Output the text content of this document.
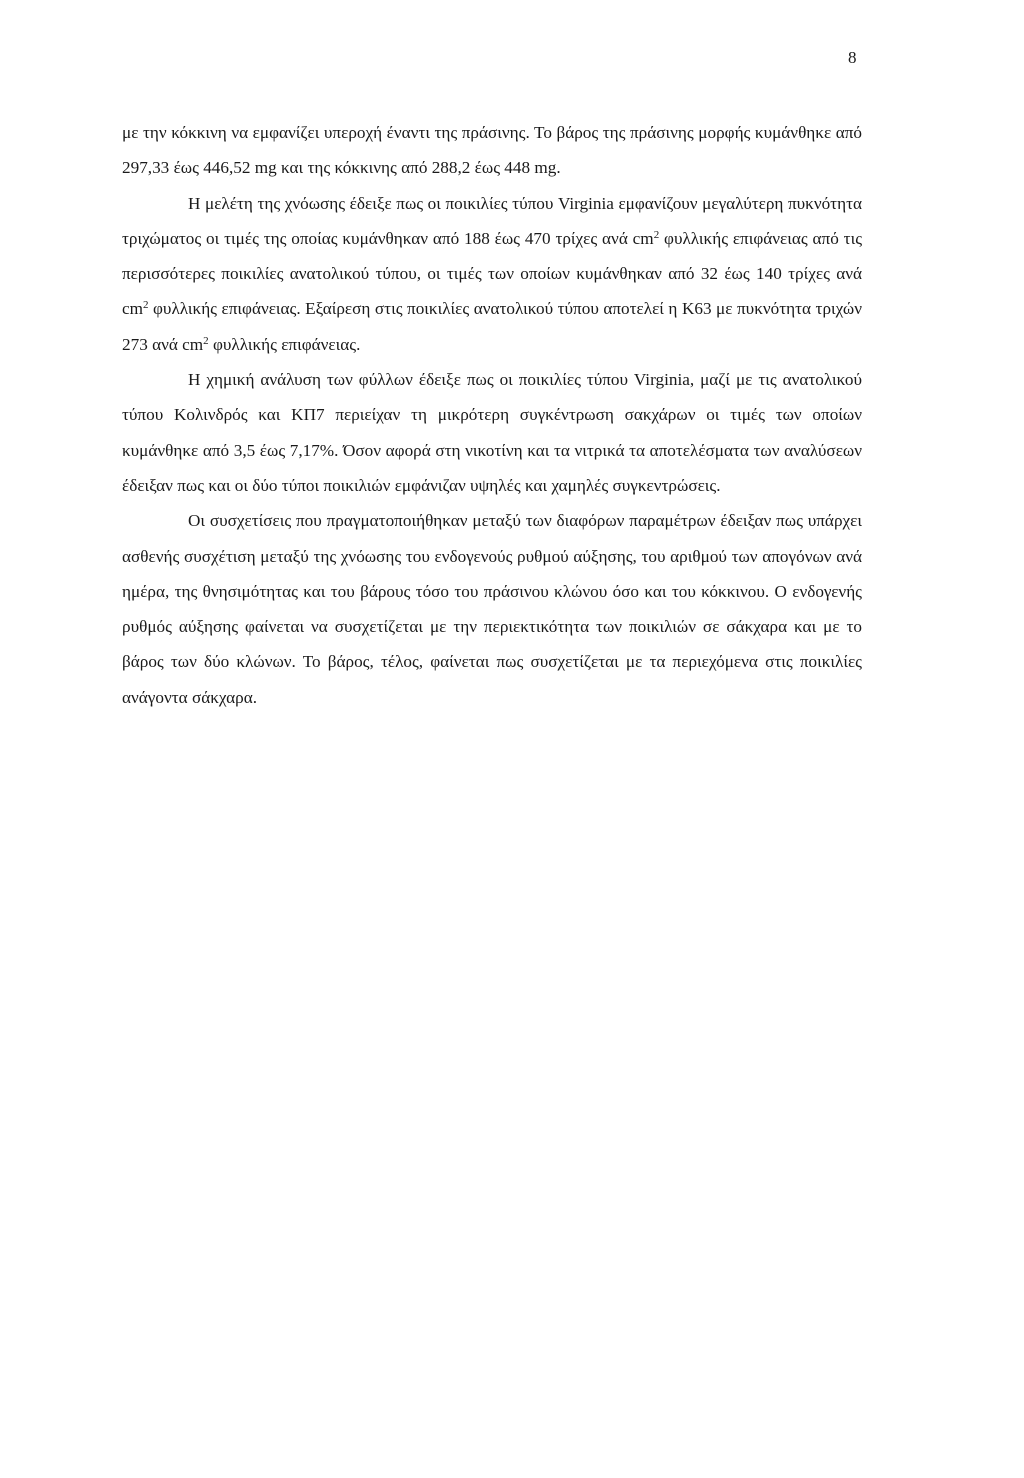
8

με την κόκκινη να εμφανίζει υπεροχή έναντι της πράσινης. Το βάρος της πράσινης μορφής κυμάνθηκε από 297,33 έως 446,52 mg και της κόκκινης από 288,2 έως 448 mg.

Η μελέτη της χνόωσης έδειξε πως οι ποικιλίες τύπου Virginia εμφανίζουν μεγαλύτερη πυκνότητα τριχώματος οι τιμές της οποίας κυμάνθηκαν από 188 έως 470 τρίχες ανά $cm^2$ φυλλικής επιφάνειας από τις περισσότερες ποικιλίες ανατολικού τύπου, οι τιμές των οποίων κυμάνθηκαν από 32 έως 140 τρίχες ανά $cm^2$ φυλλικής επιφάνειας. Εξαίρεση στις ποικιλίες ανατολικού τύπου αποτελεί η Κ63 με πυκνότητα τριχών 273 ανά $cm^2$ φυλλικής επιφάνειας.

Η χημική ανάλυση των φύλλων έδειξε πως οι ποικιλίες τύπου Virginia, μαζί με τις ανατολικού τύπου Κολινδρός και ΚΠ7 περιείχαν τη μικρότερη συγκέντρωση σακχάρων οι τιμές των οποίων κυμάνθηκε από 3,5 έως 7,17%. Όσον αφορά στη νικοτίνη και τα νιτρικά τα αποτελέσματα των αναλύσεων έδειξαν πως και οι δύο τύποι ποικιλιών εμφάνιζαν υψηλές και χαμηλές συγκεντρώσεις.

Οι συσχετίσεις που πραγματοποιήθηκαν μεταξύ των διαφόρων παραμέτρων έδειξαν πως υπάρχει ασθενής συσχέτιση μεταξύ της χνόωσης του ενδογενούς ρυθμού αύξησης, του αριθμού των απογόνων ανά ημέρα, της θνησιμότητας και του βάρους τόσο του πράσινου κλώνου όσο και του κόκκινου. Ο ενδογενής ρυθμός αύξησης φαίνεται να συσχετίζεται με την περιεκτικότητα των ποικιλιών σε σάκχαρα και με το βάρος των δύο κλώνων. Το βάρος, τέλος, φαίνεται πως συσχετίζεται με τα περιεχόμενα στις ποικιλίες ανάγοντα σάκχαρα.
